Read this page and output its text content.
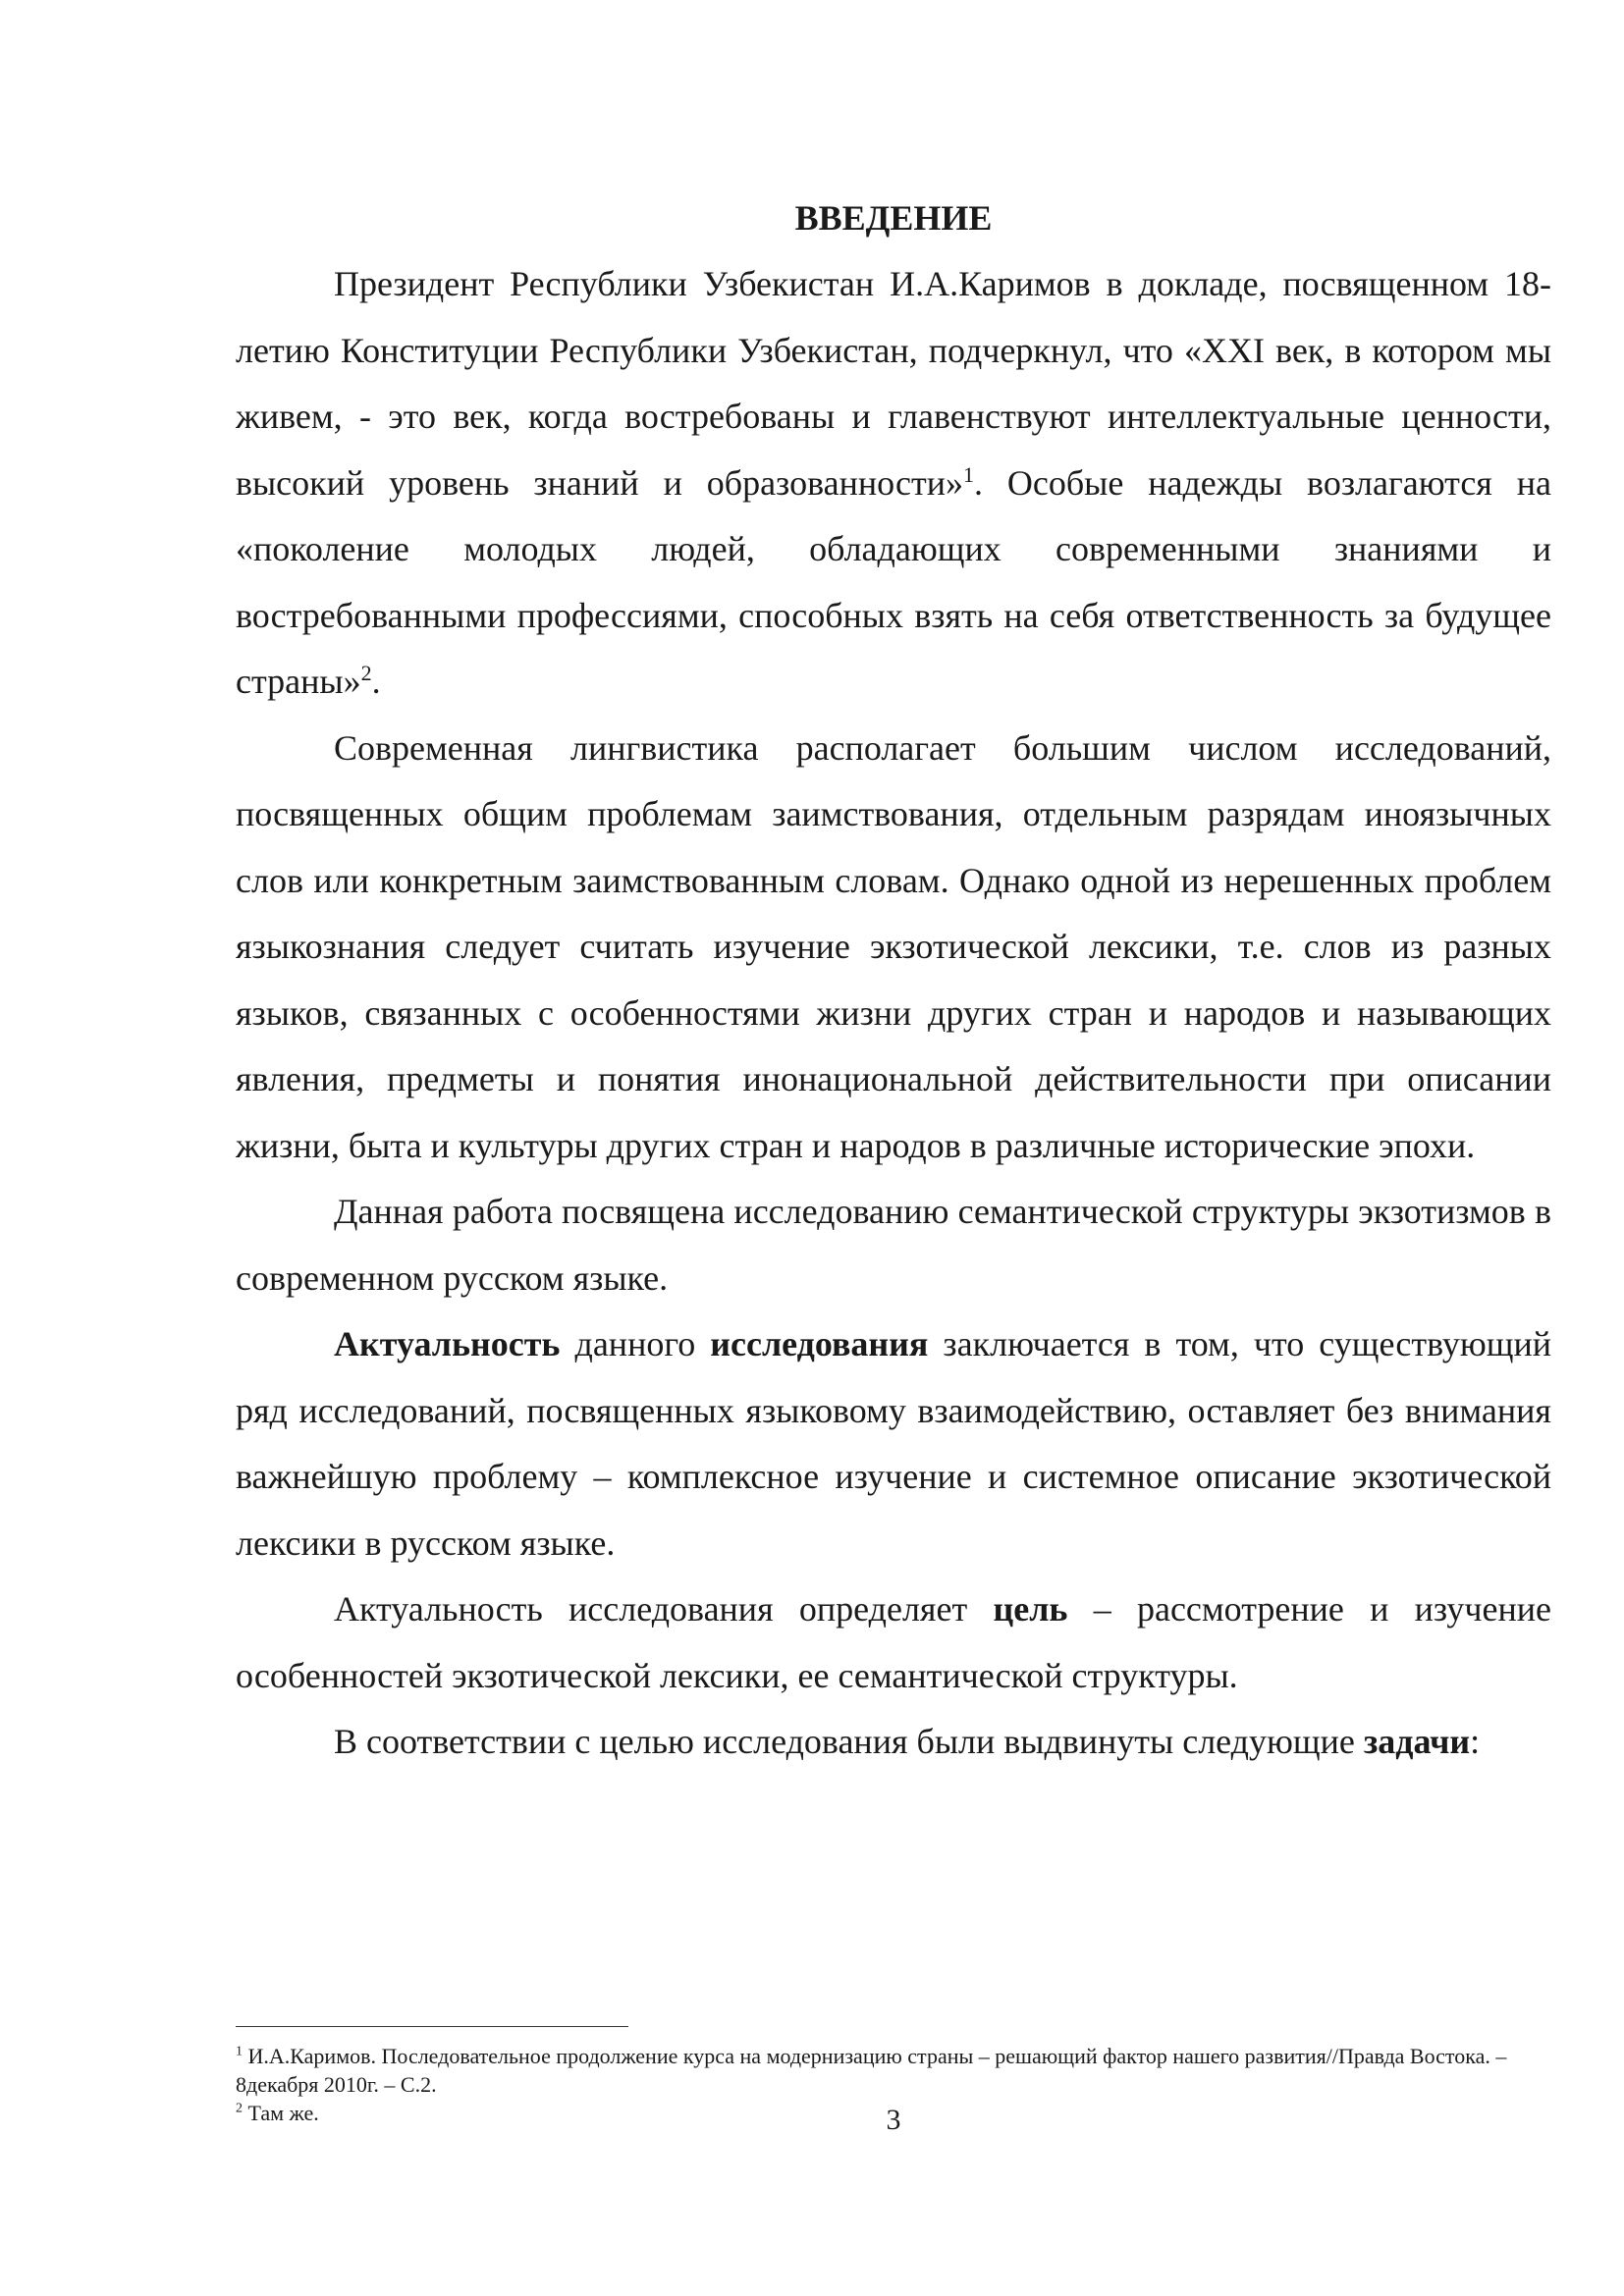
ВВЕДЕНИЕ

Президент Республики Узбекистан И.А.Каримов в докладе, посвященном 18-летию Конституции Республики Узбекистан, подчеркнул, что «XXI век, в котором мы живем, - это век, когда востребованы и главенствуют интеллектуальные ценности, высокий уровень знаний и образованности»$^1$. Особые надежды возлагаются на «поколение молодых людей, обладающих современными знаниями и востребованными профессиями, способных взять на себя ответственность за будущее страны»$^2$.

Современная лингвистика располагает большим числом исследований, посвященных общим проблемам заимствования, отдельным разрядам иноязычных слов или конкретным заимствованным словам. Однако одной из нерешенных проблем языкознания следует считать изучение экзотической лексики, т.е. слов из разных языков, связанных с особенностями жизни других стран и народов и называющих явления, предметы и понятия инонациональной действительности при описании жизни, быта и культуры других стран и народов в различные исторические эпохи.

Данная работа посвящена исследованию семантической структуры экзотизмов в современном русском языке.

Актуальность данного исследования заключается в том, что существующий ряд исследований, посвященных языковому взаимодействию, оставляет без внимания важнейшую проблему – комплексное изучение и системное описание экзотической лексики в русском языке.

Актуальность исследования определяет цель – рассмотрение и изучение особенностей экзотической лексики, ее семантической структуры.

В соответствии с целью исследования были выдвинуты следующие задачи:

$^1$ И.А.Каримов. Последовательное продолжение курса на модернизацию страны – решающий фактор нашего развития//Правда Востока. – 8декабря 2010г. – С.2.

$^2$ Там же.	3
